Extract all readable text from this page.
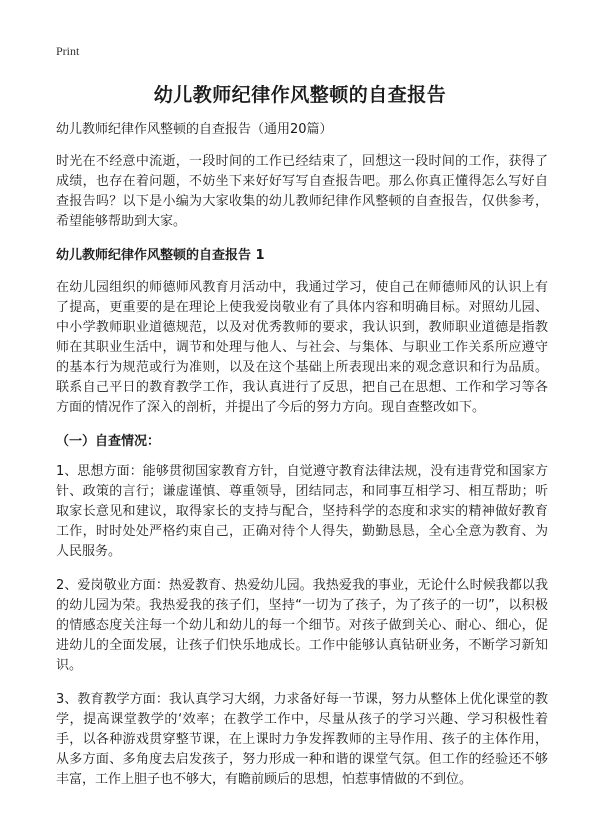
Print
幼儿教师纪律作风整顿的自查报告

幼儿教师纪律作风整顿的自查报告（通用20篇）

时光在不经意中流逝，一段时间的工作已经结束了，回想这一段时间的工作，获得了成绩，也存在着问题，不妨坐下来好好写写自查报告吧。那么你真正懂得怎么写好自查报告吗？以下是小编为大家收集的幼儿教师纪律作风整顿的自查报告，仅供参考，希望能够帮助到大家。

幼儿教师纪律作风整顿的自查报告 1

在幼儿园组织的师德师风教育月活动中，我通过学习，使自己在师德师风的认识上有了提高，更重要的是在理论上使我爱岗敬业有了具体内容和明确目标。对照幼儿园、中小学教师职业道德规范，以及对优秀教师的要求，我认识到，教师职业道德是指教师在其职业生活中，调节和处理与他人、与社会、与集体、与职业工作关系所应遵守的基本行为规范或行为准则，以及在这个基础上所表现出来的观念意识和行为品质。联系自己平日的教育教学工作，我认真进行了反思，把自己在思想、工作和学习等各方面的情况作了深入的剖析，并提出了今后的努力方向。现自查整改如下。

（一）自查情况：

1、思想方面：能够贯彻国家教育方针，自觉遵守教育法律法规，没有违背党和国家方针、政策的言行；谦虚谨慎、尊重领导，团结同志，和同事互相学习、相互帮助；听取家长意见和建议，取得家长的支持与配合，坚持科学的态度和求实的精神做好教育工作，时时处处严格约束自己，正确对待个人得失，勤勤恳恳，全心全意为教育、为人民服务。

2、爱岗敬业方面：热爱教育、热爱幼儿园。我热爱我的事业，无论什么时候我都以我的幼儿园为荣。我热爱我的孩子们，坚持“一切为了孩子，为了孩子的一切”，以积极的情感态度关注每一个幼儿和幼儿的每一个细节。对孩子做到关心、耐心、细心，促进幼儿的全面发展，让孩子们快乐地成长。工作中能够认真钻研业务，不断学习新知识。

3、教育教学方面：我认真学习大纲，力求备好每一节课，努力从整体上优化课堂的教学，提高课堂教学的‘效率；在教学工作中，尽量从孩子的学习兴趣、学习积极性着手，以各种游戏贯穿整节课，在上课时力争发挥教师的主导作用、孩子的主体作用，从多方面、多角度去启发孩子，努力形成一种和谐的课堂气氛。但工作的经验还不够丰富，工作上胆子也不够大，有瞻前顾后的思想，怕惹事情做的不到位。
